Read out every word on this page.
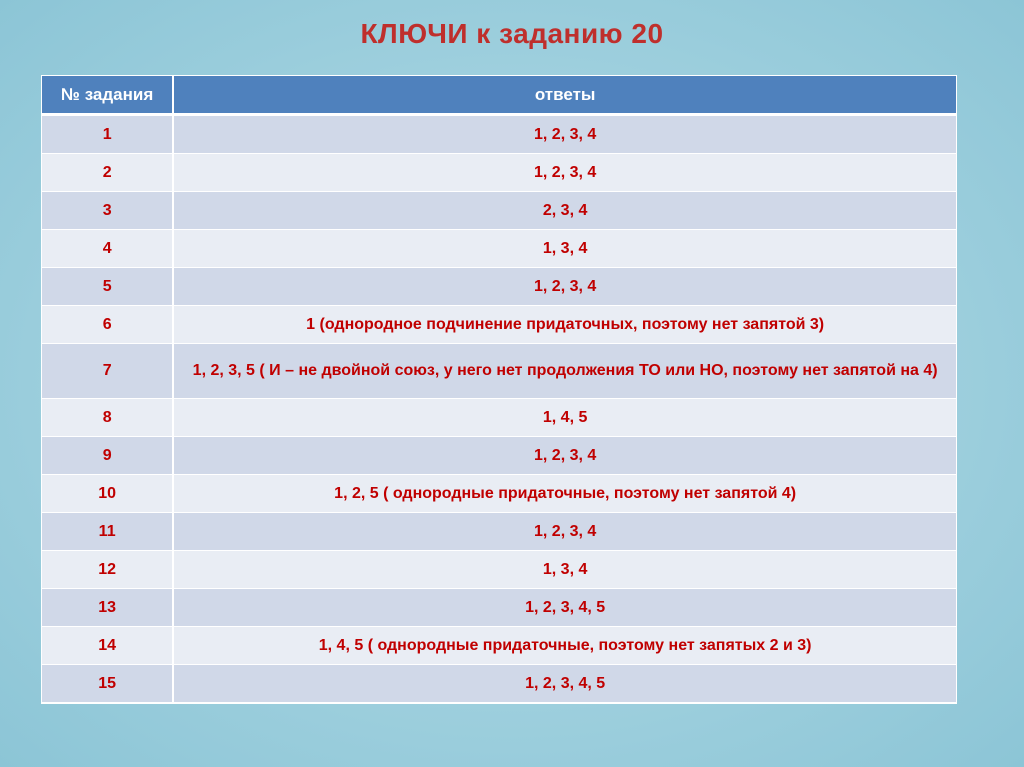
КЛЮЧИ к заданию 20
№ задания	ответы
1	1, 2, 3, 4
2	1, 2, 3, 4
3	2, 3, 4
4	1, 3, 4
5	1, 2, 3, 4
6	1 (однородное подчинение придаточных, поэтому нет запятой 3)
7	1, 2, 3, 5 ( И – не двойной союз, у него нет продолжения ТО или НО, поэтому нет запятой на 4)
8	1, 4, 5
9	1, 2, 3, 4
10	1, 2, 5 ( однородные придаточные, поэтому нет запятой 4)
11	1, 2, 3, 4
12	1, 3, 4
13	1, 2, 3, 4, 5
14	1, 4, 5 ( однородные придаточные, поэтому нет запятых 2 и 3)
15	1, 2, 3, 4, 5
